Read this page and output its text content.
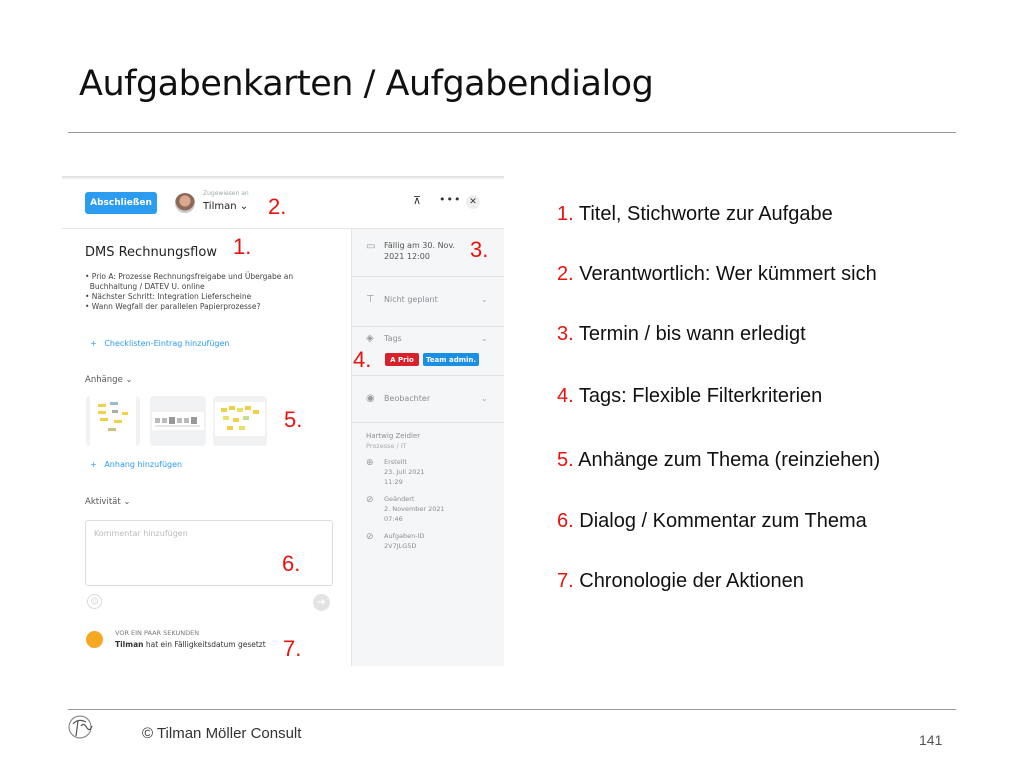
Aufgabenkarten / Aufgabendialog
Abschließen
Zugewiesen an
Tilman ⌄ 2.	⊼ ••• ✕
DMS Rechnungsflow 1.
• Prio A: Prozesse Rechnungsfreigabe und Übergabe an
Buchhaltung / DATEV U. online
• Nächster Schritt: Integration Lieferscheine
• Wann Wegfall der parallelen Papierprozesse?
+   Checklisten-Eintrag hinzufügen
Anhänge ⌄
5.
+   Anhang hinzufügen
Aktivität ⌄
Kommentar hinzufügen
6.
☺	➔
VOR EIN PAAR SEKUNDEN
Tilman hat ein Fälligkeitsdatum gesetzt 7.
▭ Fällig am 30. Nov.
2021 12:00 3.
⊤ Nicht geplant	⌄
◈ Tags	⌄
A Prio	Team admin.
◉ Beobachter	⌄
Hartwig Zeidler
Prozesse / IT
⊕ Erstellt
23. Juli 2021
11:29
⊘ Geändert
2. November 2021
07:46
⊘ Aufgaben-ID
2V7JLG5D
4.
1. Titel, Stichworte zur Aufgabe
2. Verantwortlich: Wer kümmert sich
3. Termin / bis wann erledigt
4. Tags: Flexible Filterkriterien
5. Anhänge zum Thema (reinziehen)
6. Dialog / Kommentar zum Thema
7. Chronologie der Aktionen
© Tilman Möller Consult	141
